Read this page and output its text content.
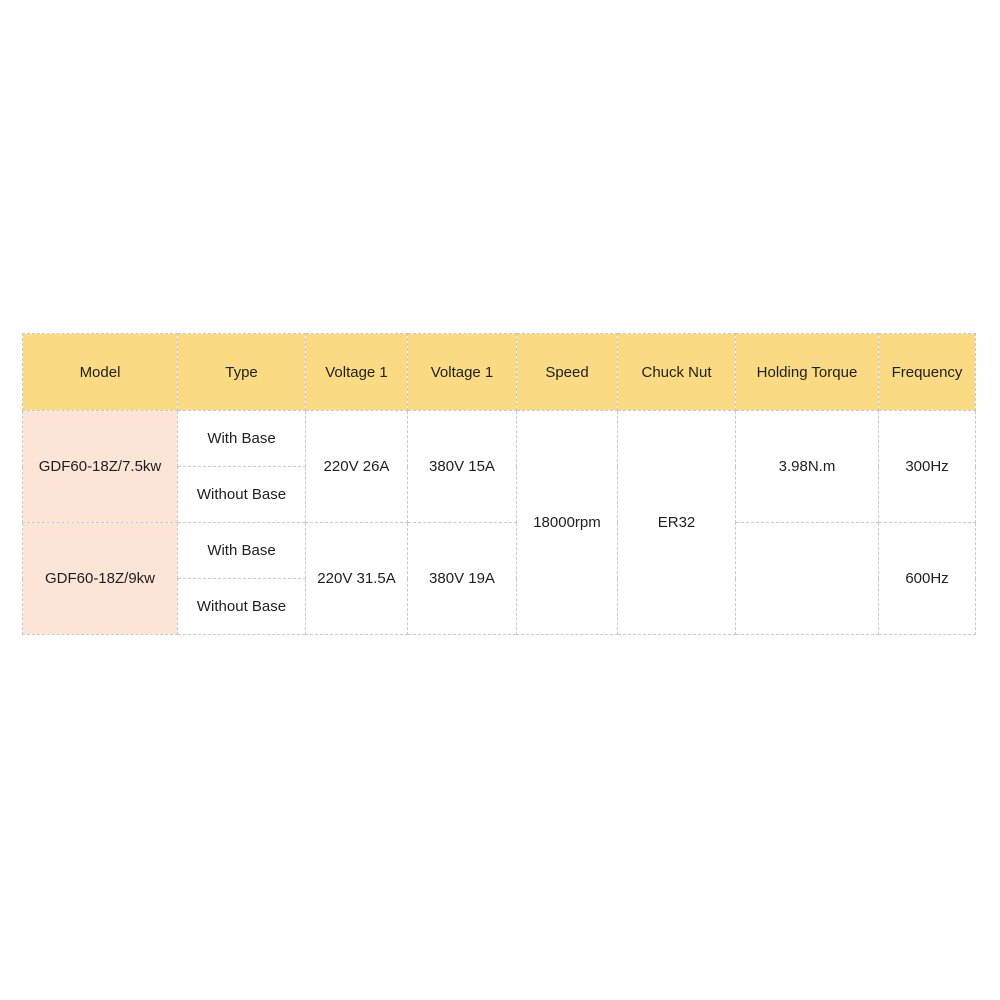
Model	Type	Voltage 1	Voltage 1	Speed	Chuck Nut	Holding Torque	Frequency
GDF60-18Z/7.5kw	With Base	220V 26A	380V 15A	18000rpm	ER32	3.98N.m	300Hz
	Without Base						
GDF60-18Z/9kw	With Base	220V 31.5A	380V 19A				600Hz
	Without Base						
